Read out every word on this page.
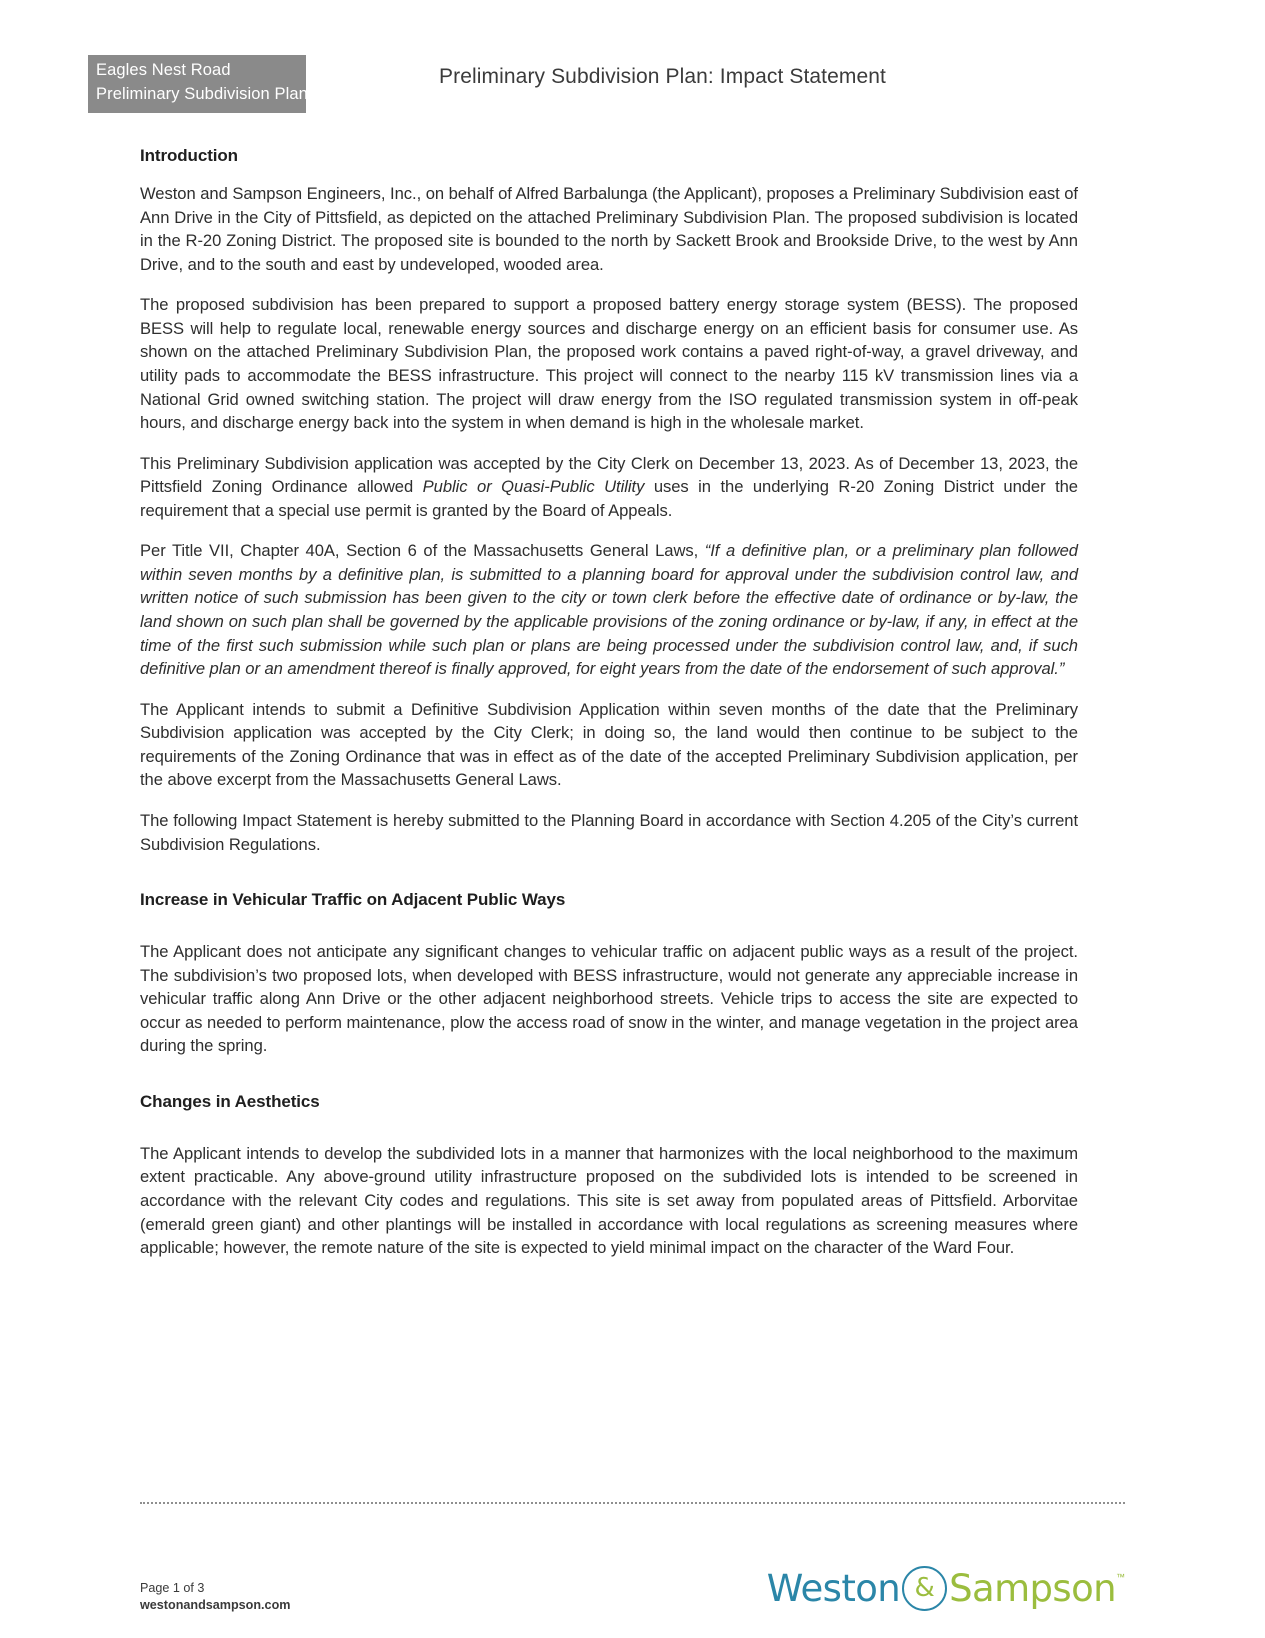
Eagles Nest Road
Preliminary Subdivision Plan
Preliminary Subdivision Plan: Impact Statement
Introduction

Weston and Sampson Engineers, Inc., on behalf of Alfred Barbalunga (the Applicant), proposes a Preliminary Subdivision east of Ann Drive in the City of Pittsfield, as depicted on the attached Preliminary Subdivision Plan. The proposed subdivision is located in the R-20 Zoning District. The proposed site is bounded to the north by Sackett Brook and Brookside Drive, to the west by Ann Drive, and to the south and east by undeveloped, wooded area.

The proposed subdivision has been prepared to support a proposed battery energy storage system (BESS). The proposed BESS will help to regulate local, renewable energy sources and discharge energy on an efficient basis for consumer use. As shown on the attached Preliminary Subdivision Plan, the proposed work contains a paved right-of-way, a gravel driveway, and utility pads to accommodate the BESS infrastructure. This project will connect to the nearby 115 kV transmission lines via a National Grid owned switching station. The project will draw energy from the ISO regulated transmission system in off-peak hours, and discharge energy back into the system in when demand is high in the wholesale market.

This Preliminary Subdivision application was accepted by the City Clerk on December 13, 2023. As of December 13, 2023, the Pittsfield Zoning Ordinance allowed Public or Quasi-Public Utility uses in the underlying R-20 Zoning District under the requirement that a special use permit is granted by the Board of Appeals.

Per Title VII, Chapter 40A, Section 6 of the Massachusetts General Laws, “If a definitive plan, or a preliminary plan followed within seven months by a definitive plan, is submitted to a planning board for approval under the subdivision control law, and written notice of such submission has been given to the city or town clerk before the effective date of ordinance or by-law, the land shown on such plan shall be governed by the applicable provisions of the zoning ordinance or by-law, if any, in effect at the time of the first such submission while such plan or plans are being processed under the subdivision control law, and, if such definitive plan or an amendment thereof is finally approved, for eight years from the date of the endorsement of such approval.”

The Applicant intends to submit a Definitive Subdivision Application within seven months of the date that the Preliminary Subdivision application was accepted by the City Clerk; in doing so, the land would then continue to be subject to the requirements of the Zoning Ordinance that was in effect as of the date of the accepted Preliminary Subdivision application, per the above excerpt from the Massachusetts General Laws.

The following Impact Statement is hereby submitted to the Planning Board in accordance with Section 4.205 of the City’s current Subdivision Regulations.

Increase in Vehicular Traffic on Adjacent Public Ways

The Applicant does not anticipate any significant changes to vehicular traffic on adjacent public ways as a result of the project. The subdivision’s two proposed lots, when developed with BESS infrastructure, would not generate any appreciable increase in vehicular traffic along Ann Drive or the other adjacent neighborhood streets. Vehicle trips to access the site are expected to occur as needed to perform maintenance, plow the access road of snow in the winter, and manage vegetation in the project area during the spring.

Changes in Aesthetics

The Applicant intends to develop the subdivided lots in a manner that harmonizes with the local neighborhood to the maximum extent practicable. Any above-ground utility infrastructure proposed on the subdivided lots is intended to be screened in accordance with the relevant City codes and regulations. This site is set away from populated areas of Pittsfield. Arborvitae (emerald green giant) and other plantings will be installed in accordance with local regulations as screening measures where applicable; however, the remote nature of the site is expected to yield minimal impact on the character of the Ward Four.

Page 1 of 3
westonandsampson.com	Weston & Sampson ™
